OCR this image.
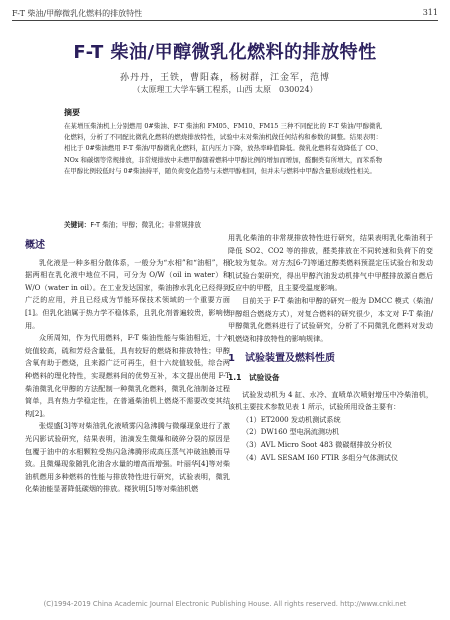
F-T 柴油/甲醇微乳化燃料的排放特性	311
F-T 柴油/甲醇微乳化燃料的排放特性
孙丹丹，王铁，曹阳森，杨树群，江金军，范博
（太原理工大学车辆工程系，山西 太原　030024）
摘要
在某增压柴油机上分别燃用 0#柴油、F-T 柴油和 FM05、FM10、FM15 三种不同配比的 F-T 柴油/甲醇微乳化燃料，分析了不同配比微乳化燃料的燃烧排放特性，试验中未对柴油机做任何结构和参数的调整。结果表明：相比于 0#柴油燃用 F-T 柴油/甲醇微乳化燃料，缸内压力下降，放热率峰值降低。微乳化燃料有效降低了 CO、NOx 和碳烟等常规排放，非常规排放中未燃甲醇随着燃料中甲醇比例的增加而增加，醛酮类有所增大，而苯系物在甲醇比例较低时与 0#柴油持平，随负荷变化趋势与未燃甲醇相同，但并未与燃料中甲醇含量形成线性相关。
关键词：F-T 柴油；甲醇；微乳化；非常规排放
概述

乳化液是一种多相分散体系，一般分为“水相”和“油相”，根据两相在乳化液中地位不同，可分为 O/W（oil in water）和 W/O（water in oil）。在工业发达国家，柴油掺水乳化已经得到广泛的应用，并且已经成为节能环保技术领域的一个重要方面[1]。但乳化油属于热力学不稳体系，且乳化剂普遍较贵，影响使用。

众所周知，作为代用燃料，F-T 柴油性能与柴油相近，十六烷值较高，硫和芳烃含量低，具有较好的燃烧和排放特性；甲醇含氧有助于燃烧，且来源广泛可再生，但十六烷值较低，综合两种燃料的理化特性，实现燃料间的优势互补，本文提出使用 F-T 柴油微乳化甲醇的方法配制一种微乳化燃料，微乳化油制备过程简单，具有热力学稳定性，在普通柴油机上燃烧不需要改变其结构[2]。

张煜盛[3]等对柴油乳化液喷雾闪急沸腾与微爆现象进行了激光闪影试验研究，结果表明，油滴发生微爆和破碎分裂的原因是包覆于油中的水相颗粒受热闪急沸腾形成高压蒸气冲破油膜而导致。且微爆现象随乳化油含水量的增高而增强。叶丽华[4]等对柴油机燃用多种燃料的性能与排放特性进行研究，试验表明，微乳化柴油能显著降低碳烟的排放。楼狄明[5]等对柴油机燃

用乳化柴油的非常规排放特性进行研究，结果表明乳化柴油利于降低 SO2、CO2 等的排放，醛类排放在不同转速和负荷下的变化较为复杂。对方杰[6-7]等通过醇类燃料预混定压试验台和发动机试验台架研究，得出甲醇汽油发动机排气中甲醛排放源自燃后反应中的甲醛，且主要受温度影响。

目前关于 F-T 柴油和甲醇的研究一般为 DMCC 模式（柴油/甲醇组合燃烧方式），对复合燃料的研究很少，本文对 F-T 柴油/甲醇微乳化燃料进行了试验研究，分析了不同微乳化燃料对发动机燃烧和排放特性的影响规律。

1　试验装置及燃料性质
1.1　试验设备

试验发动机为 4 缸、水冷、直喷单次喷射增压中冷柴油机，该机主要技术参数见表 1 所示，试验所用设备主要有：

（1）ET2000 发动机测试系统
（2）DW160 型电涡流测功机
（3）AVL Micro Soot 483 微碳烟排放分析仪
（4）AVL SESAM I60 FTIR 多组分气体测试仪
(C)1994-2019 China Academic Journal Electronic Publishing House. All rights reserved. http://www.cnki.net
